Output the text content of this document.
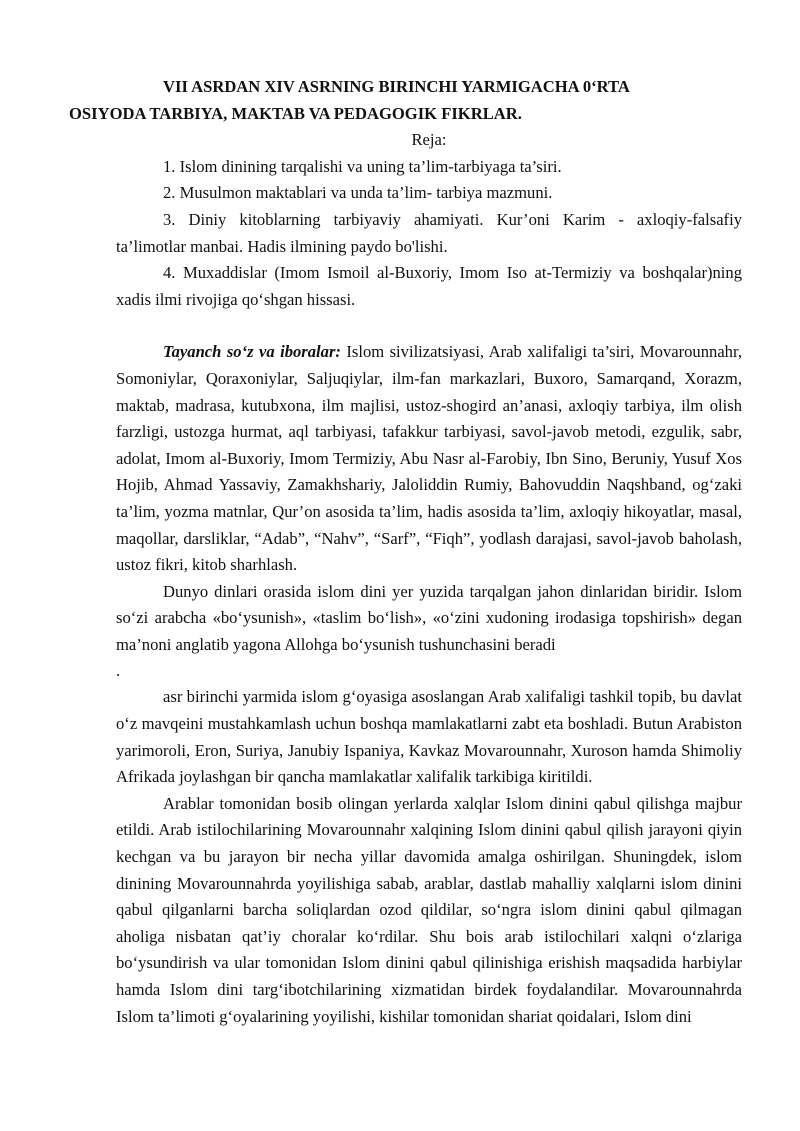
VII ASRDAN XIV ASRNING BIRINCHI YARMIGACHA 0‘RTA
OSIYODA TARBIYA, MAKTAB VA PEDAGOGIK FIKRLAR.

Reja:

1. Islom dinining tarqalishi va uning ta’lim-tarbiyaga ta’siri.
2. Musulmon maktablari va unda ta’lim- tarbiya mazmuni.
3. Diniy kitoblarning tarbiyaviy ahamiyati. Kur’oni Karim - axloqiy-falsafiy ta’limotlar manbai. Hadis ilmining paydo bo'lishi.
4. Muxaddislar (Imom Ismoil al-Buxoriy, Imom Iso at-Termiziy va boshqalar)ning xadis ilmi rivojiga qo‘shgan hissasi.

Tayanch so‘z va iboralar: Islom sivilizatsiyasi, Arab xalifaligi ta’siri, Movarounnahr, Somoniylar, Qoraxoniylar, Saljuqiylar, ilm-fan markazlari, Buxoro, Samarqand, Xorazm, maktab, madrasa, kutubxona, ilm majlisi, ustoz-shogird an’anasi, axloqiy tarbiya, ilm olish farzligi, ustozga hurmat, aql tarbiyasi, tafakkur tarbiyasi, savol-javob metodi, ezgulik, sabr, adolat, Imom al-Buxoriy, Imom Termiziy, Abu Nasr al-Farobiy, Ibn Sino, Beruniy, Yusuf Xos Hojib, Ahmad Yassaviy, Zamakhshariy, Jaloliddin Rumiy, Bahovuddin Naqshband, og‘zaki ta’lim, yozma matnlar, Qur’on asosida ta’lim, hadis asosida ta’lim, axloqiy hikoyatlar, masal, maqollar, darsliklar, “Adab”, “Nahv”, “Sarf”, “Fiqh”, yodlash darajasi, savol-javob baholash, ustoz fikri, kitob sharhlash.

Dunyo dinlari orasida islom dini yer yuzida tarqalgan jahon dinlaridan biridir. Islom so‘zi arabcha «bo‘ysunish», «taslim bo‘lish», «o‘zini xudoning irodasiga topshirish» degan ma’noni anglatib yagona Allohga bo‘ysunish tushunchasini beradi

.

asr birinchi yarmida islom g‘oyasiga asoslangan Arab xalifaligi tashkil topib, bu davlat o‘z mavqeini mustahkamlash uchun boshqa mamlakatlarni zabt eta boshladi. Butun Arabiston yarimoroli, Eron, Suriya, Janubiy Ispaniya, Kavkaz Movarounnahr, Xuroson hamda Shimoliy Afrikada joylashgan bir qancha mamlakatlar xalifalik tarkibiga kiritildi.

Arablar tomonidan bosib olingan yerlarda xalqlar Islom dinini qabul qilishga majbur etildi. Arab istilochilarining Movarounnahr xalqining Islom dinini qabul qilish jarayoni qiyin kechgan va bu jarayon bir necha yillar davomida amalga oshirilgan. Shuningdek, islom dinining Movarounnahrda yoyilishiga sabab, arablar, dastlab mahalliy xalqlarni islom dinini qabul qilganlarni barcha soliqlardan ozod qildilar, so‘ngra islom dinini qabul qilmagan aholiga nisbatan qat’iy choralar ko‘rdilar. Shu bois arab istilochilari xalqni o‘zlariga bo‘ysundirish va ular tomonidan Islom dinini qabul qilinishiga erishish maqsadida harbiylar hamda Islom dini targ‘ibotchilarining xizmatidan birdek foydalandilar. Movarounnahrda Islom ta’limoti g‘oyalarining yoyilishi, kishilar tomonidan shariat qoidalari, Islom dini
